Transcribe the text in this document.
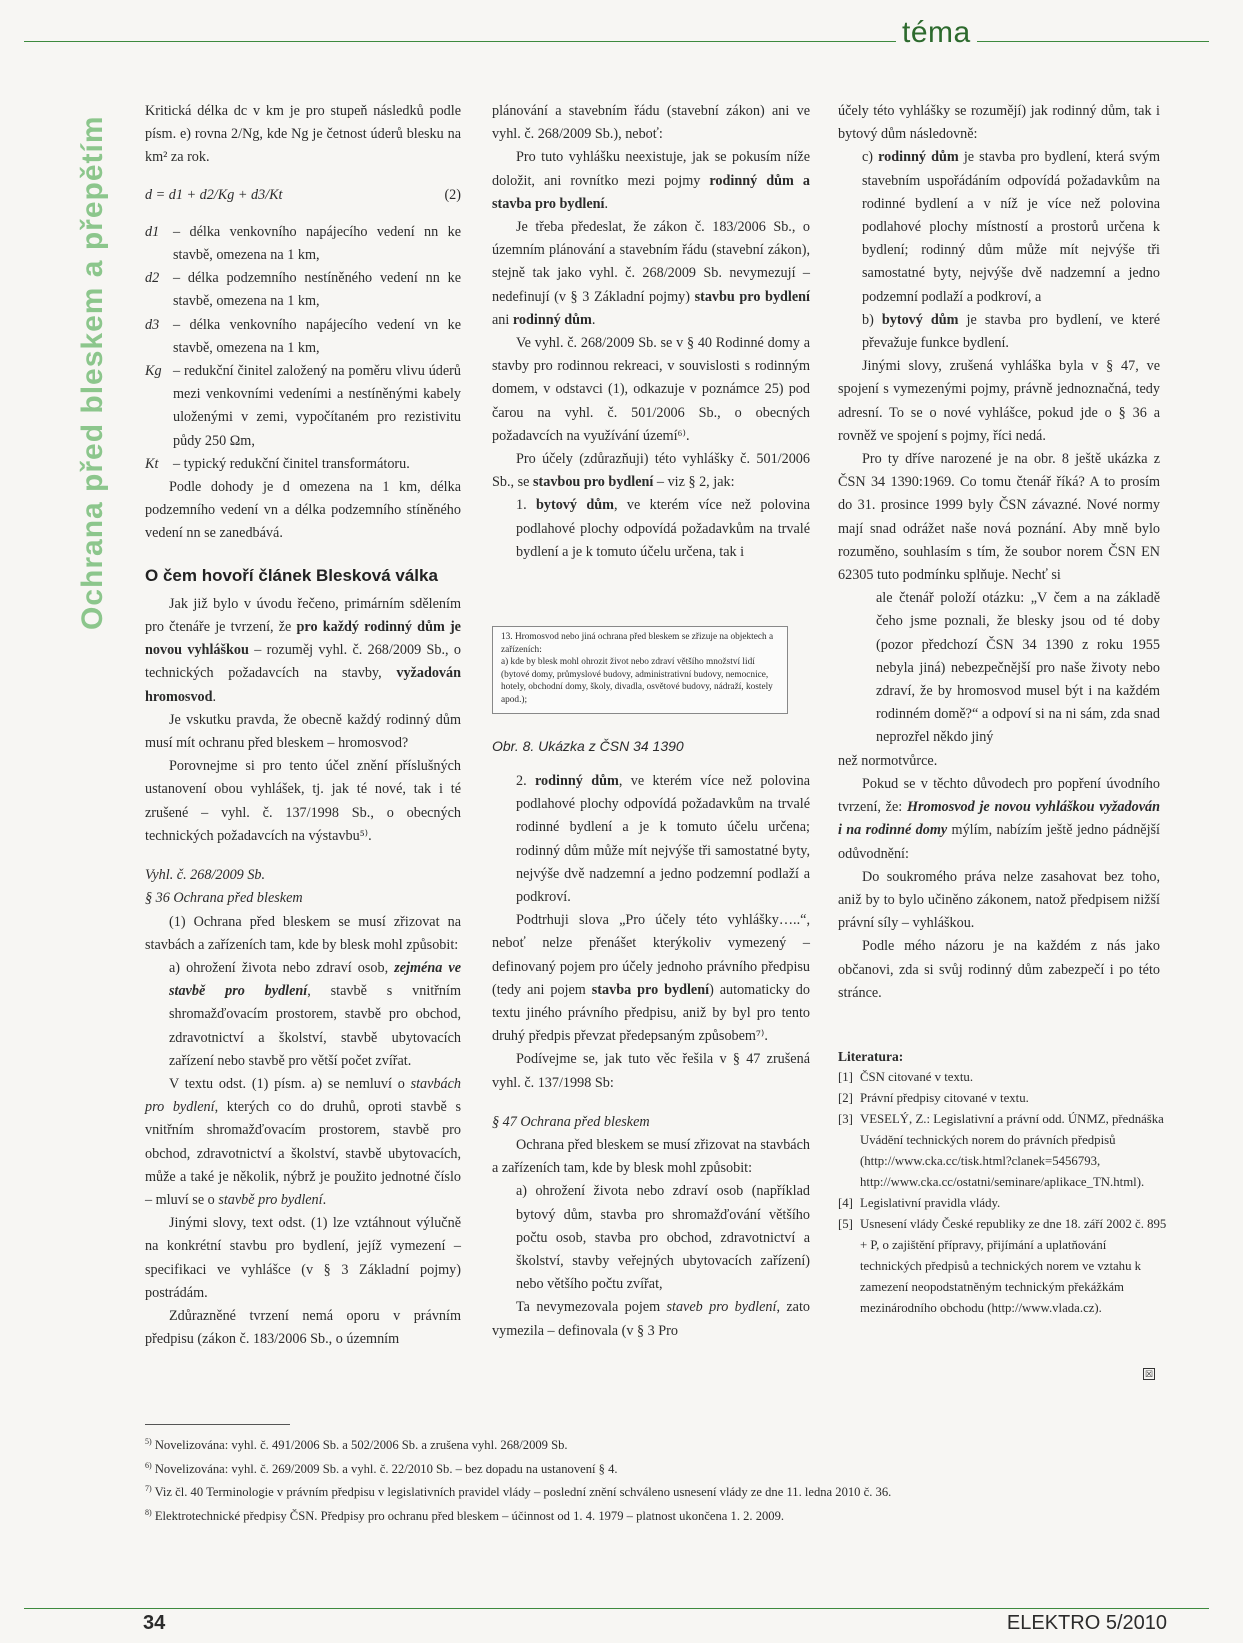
téma
Ochrana před bleskem a přepětím

Kritická délka dc v km je pro stupeň následků podle písm. e) rovna 2/Ng, kde Ng je četnost úderů blesku na km² za rok.

d = d1 + d2/Kg + d3/Kt	(2)
d1 – délka venkovního napájecího vedení nn ke stavbě, omezena na 1 km,
d2 – délka podzemního nestíněného vedení nn ke stavbě, omezena na 1 km,
d3 – délka venkovního napájecího vedení vn ke stavbě, omezena na 1 km,
Kg – redukční činitel založený na poměru vlivu úderů mezi venkovními vedeními a nestíněnými kabely uloženými v zemi, vypočítaném pro rezistivitu půdy 250 Ωm,
Kt	– typický redukční činitel transformátoru.

Podle dohody je d omezena na 1 km, délka podzemního vedení vn a délka podzemního stíněného vedení nn se zanedbává.

O čem hovoří článek Blesková válka

Jak již bylo v úvodu řečeno, primárním sdělením pro čtenáře je tvrzení, že pro každý rodinný dům je novou vyhláškou – rozuměj vyhl. č. 268/2009 Sb., o technických požadavcích na stavby, vyžadován hromosvod.

Je vskutku pravda, že obecně každý rodinný dům musí mít ochranu před bleskem – hromosvod?

Porovnejme si pro tento účel znění příslušných ustanovení obou vyhlášek, tj. jak té nové, tak i té zrušené – vyhl. č. 137/1998 Sb., o obecných technických požadavcích na výstavbu⁵⁾.

Vyhl. č. 268/2009 Sb.

§ 36 Ochrana před bleskem

(1) Ochrana před bleskem se musí zřizovat na stavbách a zařízeních tam, kde by blesk mohl způsobit:

a) ohrožení života nebo zdraví osob, zejména ve stavbě pro bydlení, stavbě s vnitřním shromažďovacím prostorem, stavbě pro obchod, zdravotnictví a školství, stavbě ubytovacích zařízení nebo stavbě pro větší počet zvířat.

V textu odst. (1) písm. a) se nemluví o stavbách pro bydlení, kterých co do druhů, oproti stavbě s vnitřním shromažďovacím prostorem, stavbě pro obchod, zdravotnictví a školství, stavbě ubytovacích, může a také je několik, nýbrž je použito jednotné číslo – mluví se o stavbě pro bydlení.

Jinými slovy, text odst. (1) lze vztáhnout výlučně na konkrétní stavbu pro bydlení, jejíž vymezení – specifikaci ve vyhlášce (v § 3 Základní pojmy) postrádám.

Zdůrazněné tvrzení nemá oporu v právním předpisu (zákon č. 183/2006 Sb., o územním

plánování a stavebním řádu (stavební zákon) ani ve vyhl. č. 268/2009 Sb.), neboť:

Pro tuto vyhlášku neexistuje, jak se pokusím níže doložit, ani rovnítko mezi pojmy rodinný dům a stavba pro bydlení.

Je třeba předeslat, že zákon č. 183/2006 Sb., o územním plánování a stavebním řádu (stavební zákon), stejně tak jako vyhl. č. 268/2009 Sb. nevymezují – nedefinují (v § 3 Základní pojmy) stavbu pro bydlení ani rodinný dům.

Ve vyhl. č. 268/2009 Sb. se v § 40 Rodinné domy a stavby pro rodinnou rekreaci, v souvislosti s rodinným domem, v odstavci (1), odkazuje v poznámce 25) pod čarou na vyhl. č. 501/2006 Sb., o obecných požadavcích na využívání území⁶⁾.

Pro účely (zdůrazňuji) této vyhlášky č. 501/2006 Sb., se stavbou pro bydlení – viz § 2, jak:

1. bytový dům, ve kterém více než polovina podlahové plochy odpovídá požadavkům na trvalé bydlení a je k tomuto účelu určena, tak i

13. Hromosvod nebo jiná ochrana před bleskem se zřizuje na objektech a zařízeních:
a) kde by blesk mohl ohrozit život nebo zdraví většího množství lidí (bytové domy, průmyslové budovy, administrativní budovy, nemocnice, hotely, obchodní domy, školy, divadla, osvětové budovy, nádraží, kostely apod.);
Obr. 8. Ukázka z ČSN 34 1390

2. rodinný dům, ve kterém více než polovina podlahové plochy odpovídá požadavkům na trvalé rodinné bydlení a je k tomuto účelu určena; rodinný dům může mít nejvýše tři samostatné byty, nejvýše dvě nadzemní a jedno podzemní podlaží a podkroví.

Podtrhuji slova „Pro účely této vyhlášky…..“, neboť nelze přenášet kterýkoliv vymezený – definovaný pojem pro účely jednoho právního předpisu (tedy ani pojem stavba pro bydlení) automaticky do textu jiného právního předpisu, aniž by byl pro tento druhý předpis převzat předepsaným způsobem⁷⁾.

Podívejme se, jak tuto věc řešila v § 47 zrušená vyhl. č. 137/1998 Sb:

§ 47 Ochrana před bleskem

Ochrana před bleskem se musí zřizovat na stavbách a zařízeních tam, kde by blesk mohl způsobit:

a) ohrožení života nebo zdraví osob (například bytový dům, stavba pro shromažďování většího počtu osob, stavba pro obchod, zdravotnictví a školství, stavby veřejných ubytovacích zařízení) nebo většího počtu zvířat,

Ta nevymezovala pojem staveb pro bydlení, zato vymezila – definovala (v § 3 Pro

účely této vyhlášky se rozumějí) jak rodinný dům, tak i bytový dům následovně:

c) rodinný dům je stavba pro bydlení, která svým stavebním uspořádáním odpovídá požadavkům na rodinné bydlení a v níž je více než polovina podlahové plochy místností a prostorů určena k bydlení; rodinný dům může mít nejvýše tři samostatné byty, nejvýše dvě nadzemní a jedno podzemní podlaží a podkroví, a

b) bytový dům je stavba pro bydlení, ve které převažuje funkce bydlení.

Jinými slovy, zrušená vyhláška byla v § 47, ve spojení s vymezenými pojmy, právně jednoznačná, tedy adresní. To se o nové vyhlášce, pokud jde o § 36 a rovněž ve spojení s pojmy, říci nedá.

Pro ty dříve narozené je na obr. 8 ještě ukázka z ČSN 34 1390:1969. Co tomu čtenář říká? A to prosím do 31. prosince 1999 byly ČSN závazné. Nové normy mají snad odrážet naše nová poznání. Aby mně bylo rozuměno, souhlasím s tím, že soubor norem ČSN EN 62305 tuto podmínku splňuje. Nechť si

ale čtenář položí otázku: „V čem a na základě čeho jsme poznali, že blesky jsou od té doby (pozor předchozí ČSN 34 1390 z roku 1955 nebyla jiná) nebezpečnější pro naše životy nebo zdraví, že by hromosvod musel být i na každém rodinném domě?“ a odpoví si na ni sám, zda snad neprozřel někdo jiný

než normotvůrce.

Pokud se v těchto důvodech pro popření úvodního tvrzení, že: Hromosvod je novou vyhláškou vyžadován i na rodinné domy mýlím, nabízím ještě jedno pádnější odůvodnění:

Do soukromého práva nelze zasahovat bez toho, aniž by to bylo učiněno zákonem, natož předpisem nižší právní síly – vyhláškou.

Podle mého názoru je na každém z nás jako občanovi, zda si svůj rodinný dům zabezpečí i po této stránce.

Literatura:
[1] ČSN citované v textu.
[2] Právní předpisy citované v textu.
[3] VESELÝ, Z.: Legislativní a právní odd. ÚNMZ, přednáška Uvádění technických norem do právních předpisů (http://www.cka.cc/tisk.html?clanek=5456793, http://www.cka.cc/ostatni/seminare/aplikace_TN.html).
[4] Legislativní pravidla vlády.
[5] Usnesení vlády České republiky ze dne 18. září 2002 č. 895 + P, o zajištění přípravy, přijímání a uplatňování technických předpisů a technických norem ve vztahu k zamezení neopodstatněným technickým překážkám mezinárodního obchodu (http://www.vlada.cz).
☒
$^{5)}$ Novelizována: vyhl. č. 491/2006 Sb. a 502/2006 Sb. a zrušena vyhl. 268/2009 Sb.
$^{6)}$ Novelizována: vyhl. č. 269/2009 Sb. a vyhl. č. 22/2010 Sb. – bez dopadu na ustanovení § 4.
$^{7)}$ Viz čl. 40 Terminologie v právním předpisu v legislativních pravidel vlády – poslední znění schváleno usnesení vlády ze dne 11. ledna 2010 č. 36.
$^{8)}$ Elektrotechnické předpisy ČSN. Předpisy pro ochranu před bleskem – účinnost od 1. 4. 1979 – platnost ukončena 1. 2. 2009.
34	ELEKTRO 5/2010
